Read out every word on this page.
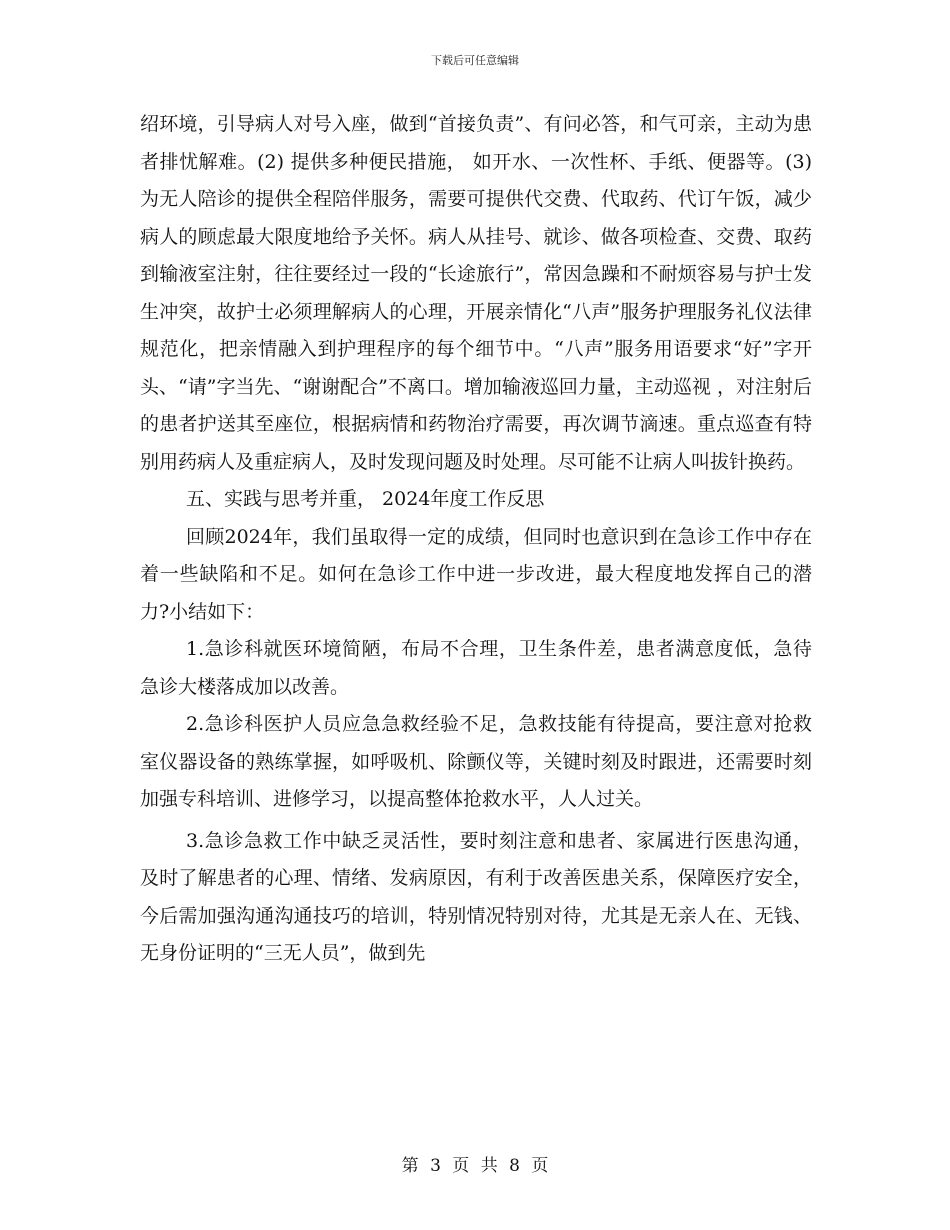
下载后可任意编辑

绍环境，引导病人对号入座，做到“首接负责”、有问必答，和气可亲，主动为患者排忧解难。(2) 提供多种便民措施， 如开水、一次性杯、手纸、便器等。(3) 为无人陪诊的提供全程陪伴服务，需要可提供代交费、代取药、代订午饭，减少病人的顾虑最大限度地给予关怀。病人从挂号、就诊、做各项检查、交费、取药到输液室注射，往往要经过一段的“长途旅行”，常因急躁和不耐烦容易与护士发生冲突，故护士必须理解病人的心理，开展亲情化“八声”服务护理服务礼仪法律规范化，把亲情融入到护理程序的每个细节中。“八声”服务用语要求“好”字开头、“请”字当先、“谢谢配合”不离口。增加输液巡回力量，主动巡视 ，对注射后的患者护送其至座位，根据病情和药物治疗需要，再次调节滴速。重点巡查有特别用药病人及重症病人，及时发现问题及时处理。尽可能不让病人叫拔针换药。

五、实践与思考并重， 2024年度工作反思

回顾2024年，我们虽取得一定的成绩，但同时也意识到在急诊工作中存在着一些缺陷和不足。如何在急诊工作中进一步改进，最大程度地发挥自己的潜力?小结如下：

1.急诊科就医环境简陋，布局不合理，卫生条件差，患者满意度低，急待急诊大楼落成加以改善。

2.急诊科医护人员应急急救经验不足，急救技能有待提高，要注意对抢救室仪器设备的熟练掌握，如呼吸机、除颤仪等，关键时刻及时跟进，还需要时刻加强专科培训、进修学习，以提高整体抢救水平，人人过关。

3.急诊急救工作中缺乏灵活性，要时刻注意和患者、家属进行医患沟通，及时了解患者的心理、情绪、发病原因，有利于改善医患关系，保障医疗安全，今后需加强沟通沟通技巧的培训，特别情况特别对待，尤其是无亲人在、无钱、无身份证明的“三无人员”，做到先

第 3 页 共 8 页
